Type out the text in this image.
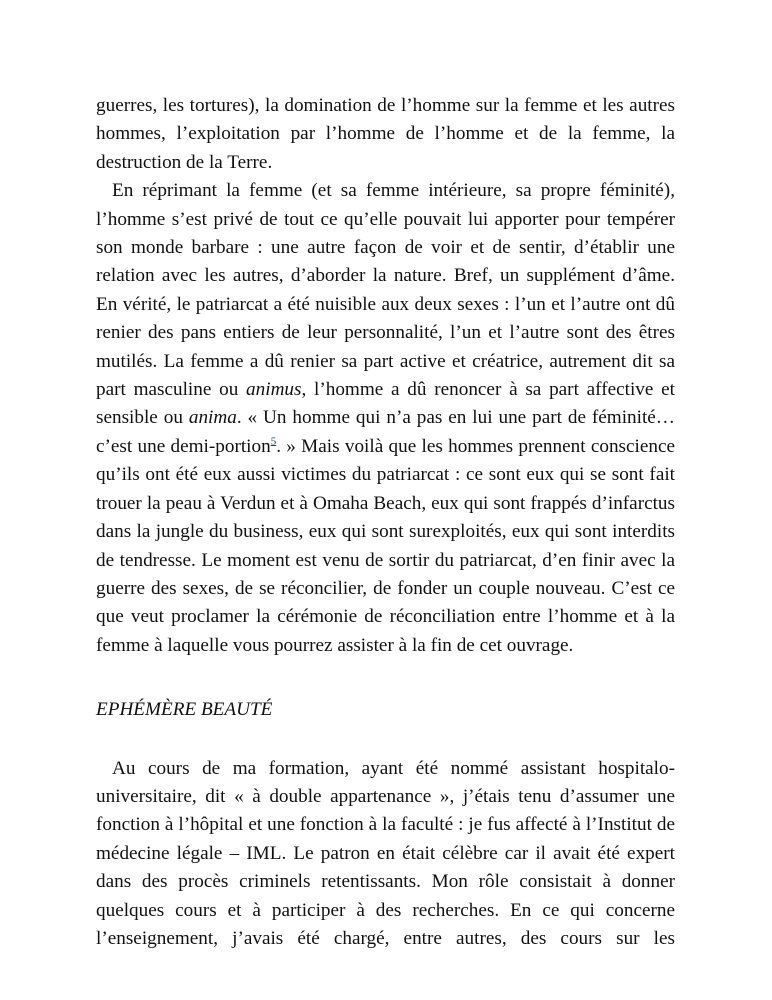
guerres, les tortures), la domination de l’homme sur la femme et les autres hommes, l’exploitation par l’homme de l’homme et de la femme, la destruction de la Terre.

En réprimant la femme (et sa femme intérieure, sa propre féminité), l’homme s’est privé de tout ce qu’elle pouvait lui apporter pour tempérer son monde barbare : une autre façon de voir et de sentir, d’établir une relation avec les autres, d’aborder la nature. Bref, un supplément d’âme. En vérité, le patriarcat a été nuisible aux deux sexes : l’un et l’autre ont dû renier des pans entiers de leur personnalité, l’un et l’autre sont des êtres mutilés. La femme a dû renier sa part active et créatrice, autrement dit sa part masculine ou animus, l’homme a dû renoncer à sa part affective et sensible ou anima. « Un homme qui n’a pas en lui une part de féminité… c’est une demi-portion$^5$. » Mais voilà que les hommes prennent conscience qu’ils ont été eux aussi victimes du patriarcat : ce sont eux qui se sont fait trouer la peau à Verdun et à Omaha Beach, eux qui sont frappés d’infarctus dans la jungle du business, eux qui sont surexploités, eux qui sont interdits de tendresse. Le moment est venu de sortir du patriarcat, d’en finir avec la guerre des sexes, de se réconcilier, de fonder un couple nouveau. C’est ce que veut proclamer la cérémonie de réconciliation entre l’homme et à la femme à laquelle vous pourrez assister à la fin de cet ouvrage.

EPHÉMÈRE BEAUTÉ

Au cours de ma formation, ayant été nommé assistant hospitalo-universitaire, dit « à double appartenance », j’étais tenu d’assumer une fonction à l’hôpital et une fonction à la faculté : je fus affecté à l’Institut de médecine légale – IML. Le patron en était célèbre car il avait été expert dans des procès criminels retentissants. Mon rôle consistait à donner quelques cours et à participer à des recherches. En ce qui concerne l’enseignement, j’avais été chargé, entre autres, des cours sur les
